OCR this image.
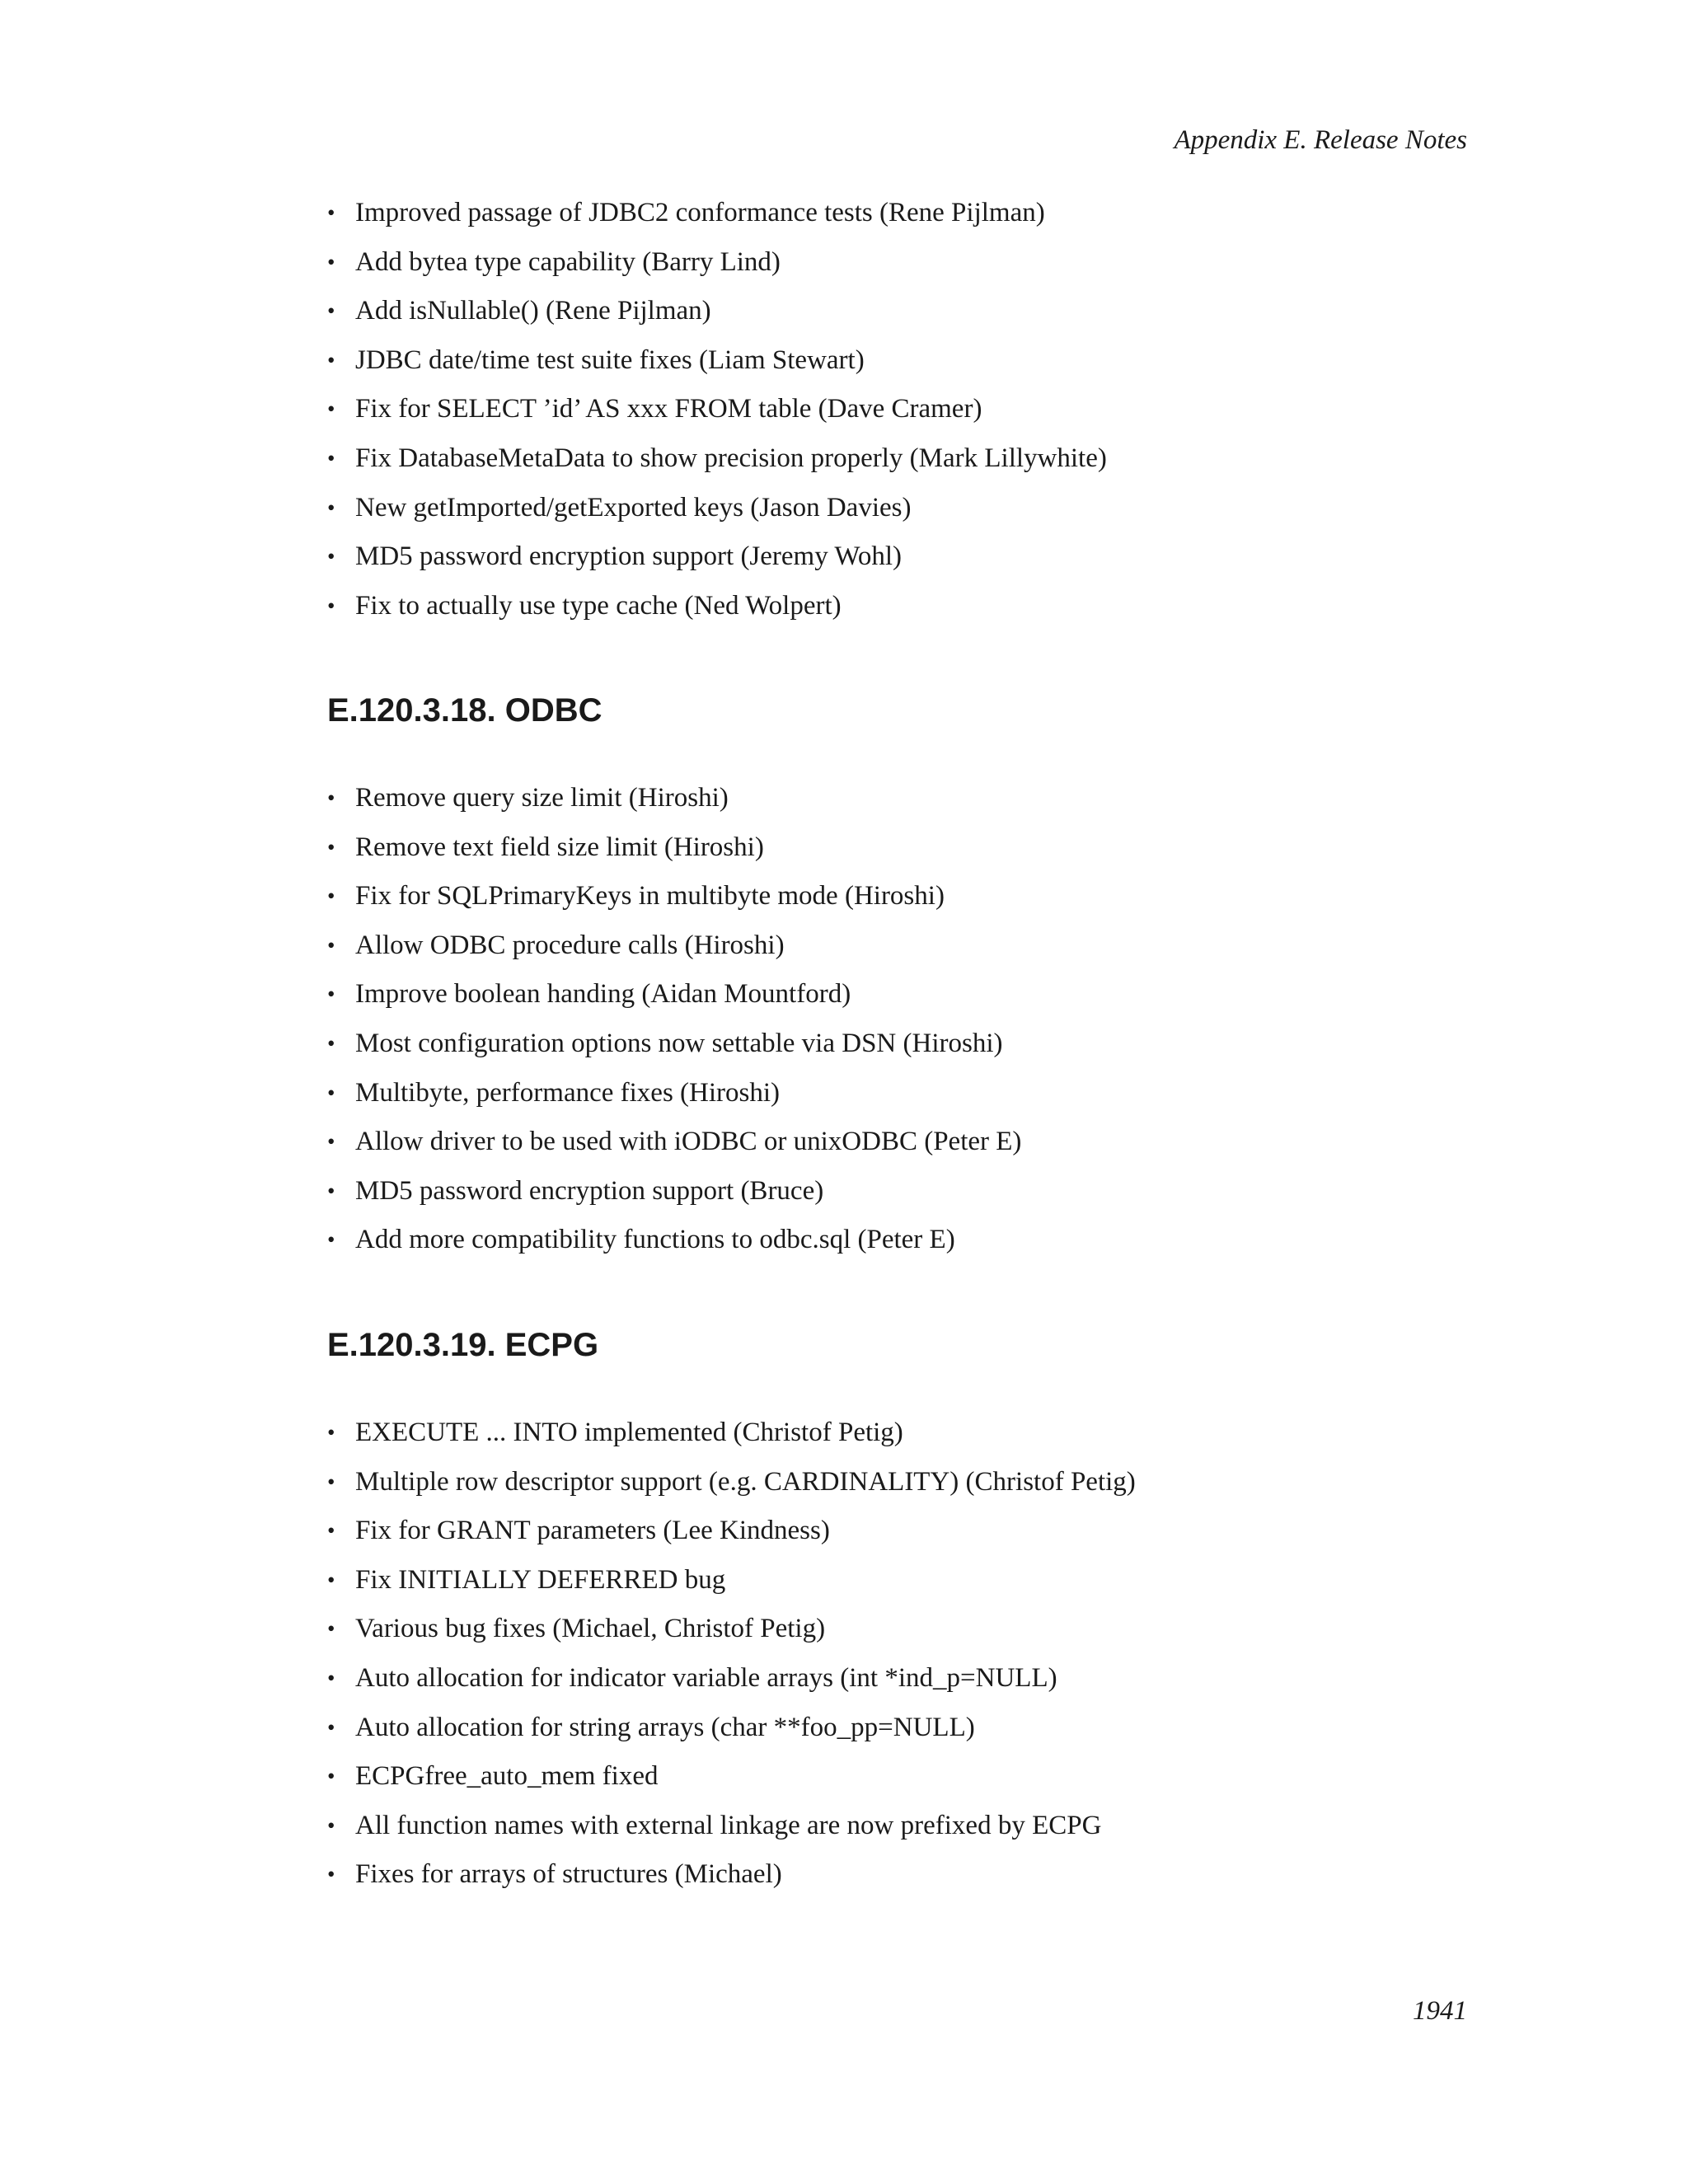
Appendix E. Release Notes
• Improved passage of JDBC2 conformance tests (Rene Pijlman)
• Add bytea type capability (Barry Lind)
• Add isNullable() (Rene Pijlman)
• JDBC date/time test suite fixes (Liam Stewart)
• Fix for SELECT ’id’ AS xxx FROM table (Dave Cramer)
• Fix DatabaseMetaData to show precision properly (Mark Lillywhite)
• New getImported/getExported keys (Jason Davies)
• MD5 password encryption support (Jeremy Wohl)
• Fix to actually use type cache (Ned Wolpert)
E.120.3.18. ODBC
• Remove query size limit (Hiroshi)
• Remove text field size limit (Hiroshi)
• Fix for SQLPrimaryKeys in multibyte mode (Hiroshi)
• Allow ODBC procedure calls (Hiroshi)
• Improve boolean handing (Aidan Mountford)
• Most configuration options now settable via DSN (Hiroshi)
• Multibyte, performance fixes (Hiroshi)
• Allow driver to be used with iODBC or unixODBC (Peter E)
• MD5 password encryption support (Bruce)
• Add more compatibility functions to odbc.sql (Peter E)
E.120.3.19. ECPG
• EXECUTE ... INTO implemented (Christof Petig)
• Multiple row descriptor support (e.g. CARDINALITY) (Christof Petig)
• Fix for GRANT parameters (Lee Kindness)
• Fix INITIALLY DEFERRED bug
• Various bug fixes (Michael, Christof Petig)
• Auto allocation for indicator variable arrays (int *ind_p=NULL)
• Auto allocation for string arrays (char **foo_pp=NULL)
• ECPGfree_auto_mem fixed
• All function names with external linkage are now prefixed by ECPG
• Fixes for arrays of structures (Michael)
1941
